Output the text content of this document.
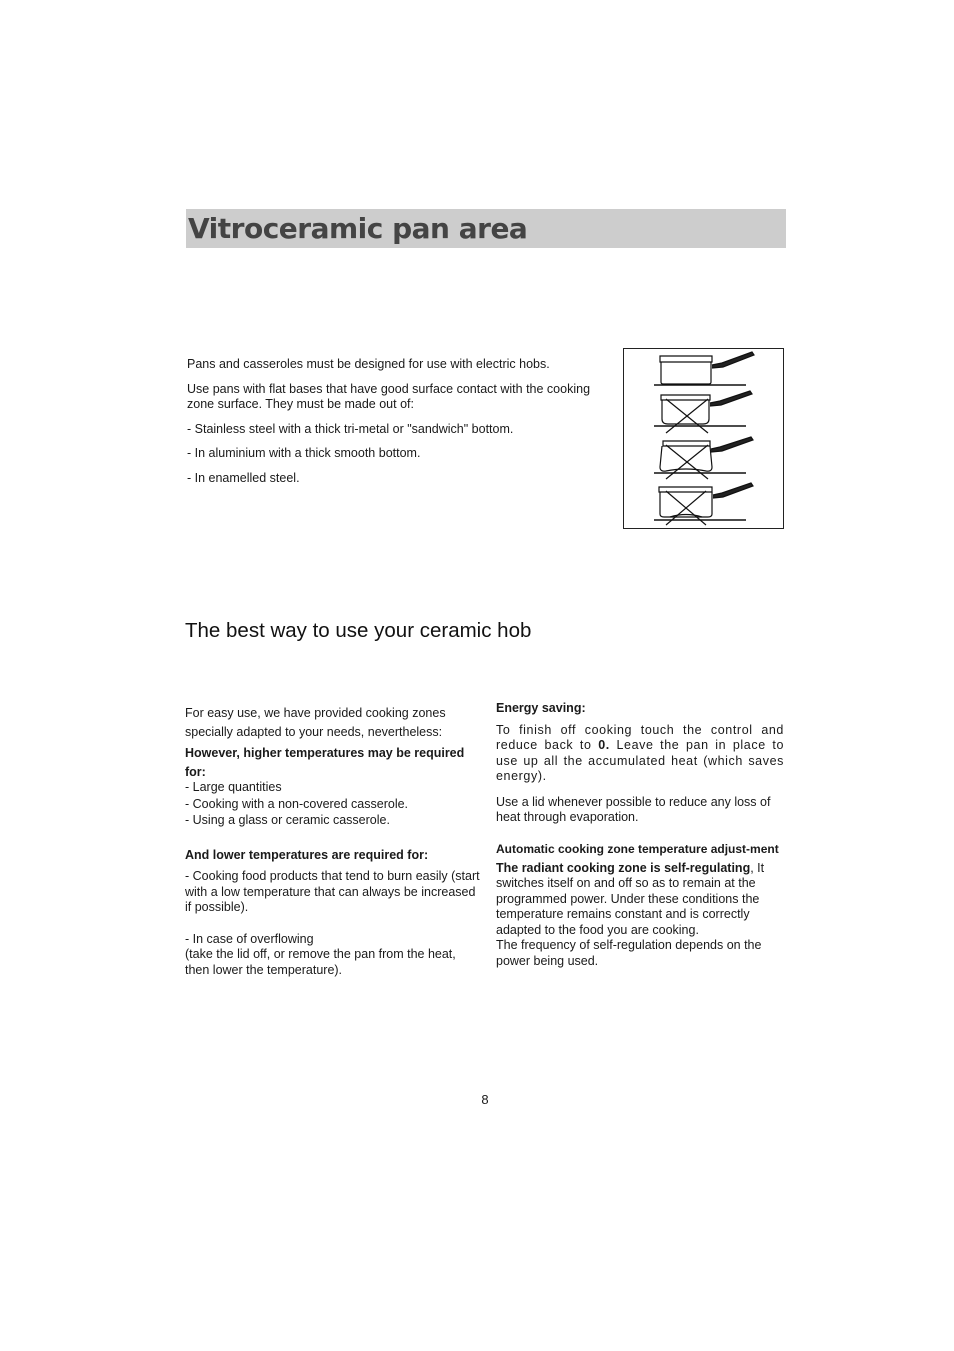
Vitroceramic pan area

Pans and casseroles must be designed for use with electric hobs.

Use pans with flat bases that have good surface contact with the cooking zone surface. They must be made out of:

- Stainless steel with a thick tri-metal or "sandwich" bottom.

- In aluminium with a thick smooth bottom.

- In enamelled steel.

The best way to use your ceramic hob

For easy use, we have provided cooking zones specially adapted to your needs, nevertheless:

However, higher temperatures may be required for:

- Large quantities

- Cooking with a non-covered casserole.

- Using a glass or ceramic casserole.

And lower temperatures are required for:

- Cooking food products that tend to burn easily (start with a low temperature that can always be increased if possible).

- In case of overflowing

(take the lid off, or remove the pan from the heat, then lower the temperature).

Energy saving:

To finish off cooking touch the control and reduce back to 0. Leave the pan in place to use up all the accumulated heat (which saves energy).

Use a lid whenever possible to reduce any loss of heat through evaporation.

Automatic cooking zone temperature adjust-ment

The radiant cooking zone is self-regulating, It switches itself on and off so as to remain at the programmed power. Under these conditions the temperature remains constant and is correctly adapted to the food you are cooking.

The frequency of self-regulation depends on the power being used.

8
